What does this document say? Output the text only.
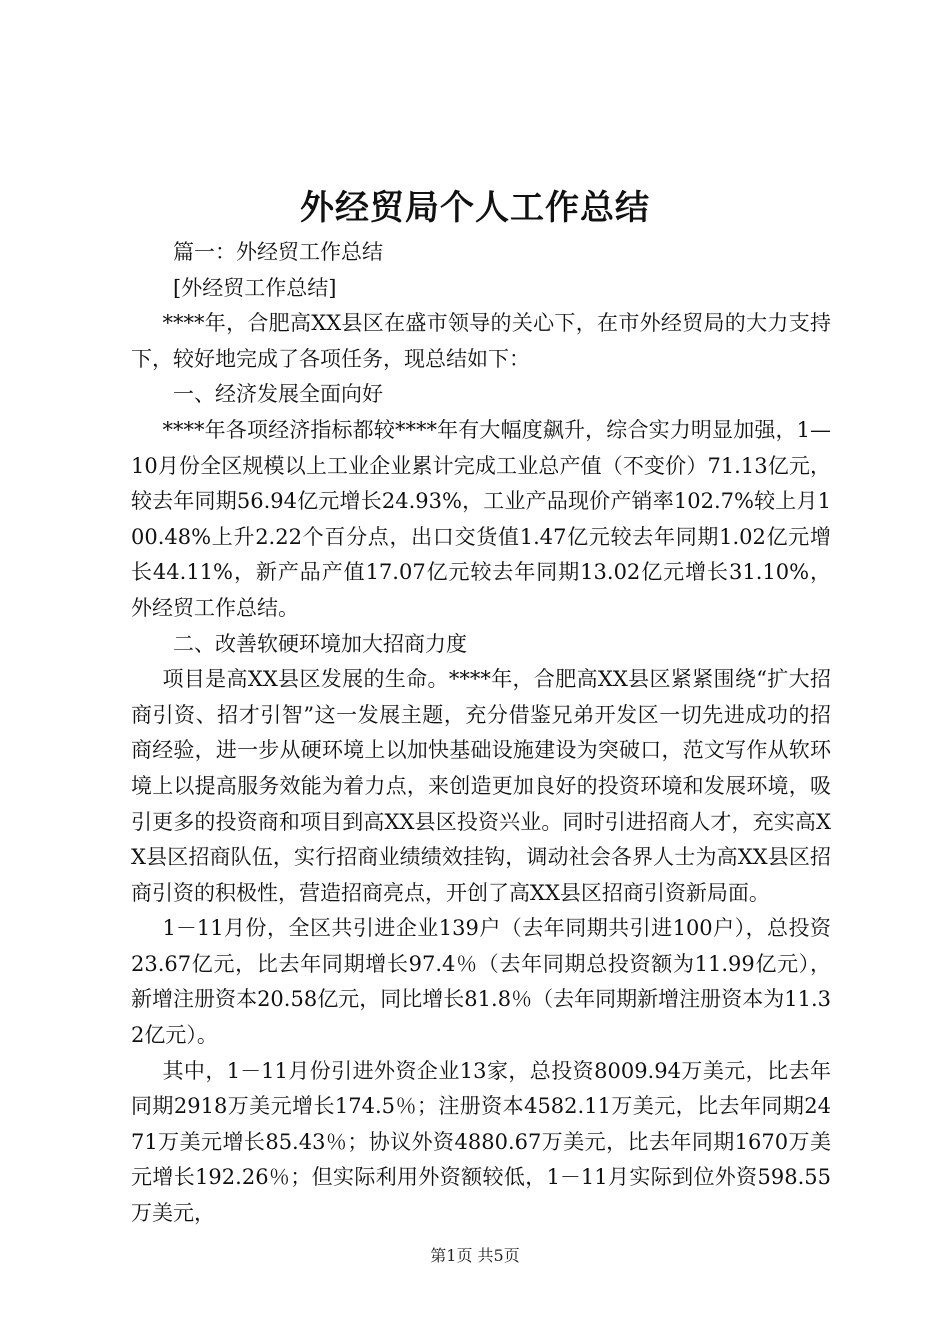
外经贸局个人工作总结

篇一：外经贸工作总结

[外经贸工作总结]

****年，合肥高XX县区在盛市领导的关心下，在市外经贸局的大力支持下，较好地完成了各项任务，现总结如下：

一、经济发展全面向好

****年各项经济指标都较****年有大幅度飙升，综合实力明显加强，1—10月份全区规模以上工业企业累计完成工业总产值（不变价）71.13亿元，较去年同期56.94亿元增长24.93%，工业产品现价产销率102.7%较上月100.48%上升2.22个百分点，出口交货值1.47亿元较去年同期1.02亿元增长44.11%，新产品产值17.07亿元较去年同期13.02亿元增长31.10%，外经贸工作总结。

二、改善软硬环境加大招商力度

项目是高XX县区发展的生命。****年，合肥高XX县区紧紧围绕“扩大招商引资、招才引智”这一发展主题，充分借鉴兄弟开发区一切先进成功的招商经验，进一步从硬环境上以加快基础设施建设为突破口，范文写作从软环境上以提高服务效能为着力点，来创造更加良好的投资环境和发展环境，吸引更多的投资商和项目到高XX县区投资兴业。同时引进招商人才，充实高XX县区招商队伍，实行招商业绩绩效挂钩，调动社会各界人士为高XX县区招商引资的积极性，营造招商亮点，开创了高XX县区招商引资新局面。

1－11月份，全区共引进企业139户（去年同期共引进100户），总投资23.67亿元，比去年同期增长97.4％（去年同期总投资额为11.99亿元），新增注册资本20.58亿元，同比增长81.8％（去年同期新增注册资本为11.32亿元）。

其中，1－11月份引进外资企业13家，总投资8009.94万美元，比去年同期2918万美元增长174.5％；注册资本4582.11万美元，比去年同期2471万美元增长85.43％；协议外资4880.67万美元，比去年同期1670万美元增长192.26％；但实际利用外资额较低，1－11月实际到位外资598.55万美元，

第1页 共5页
